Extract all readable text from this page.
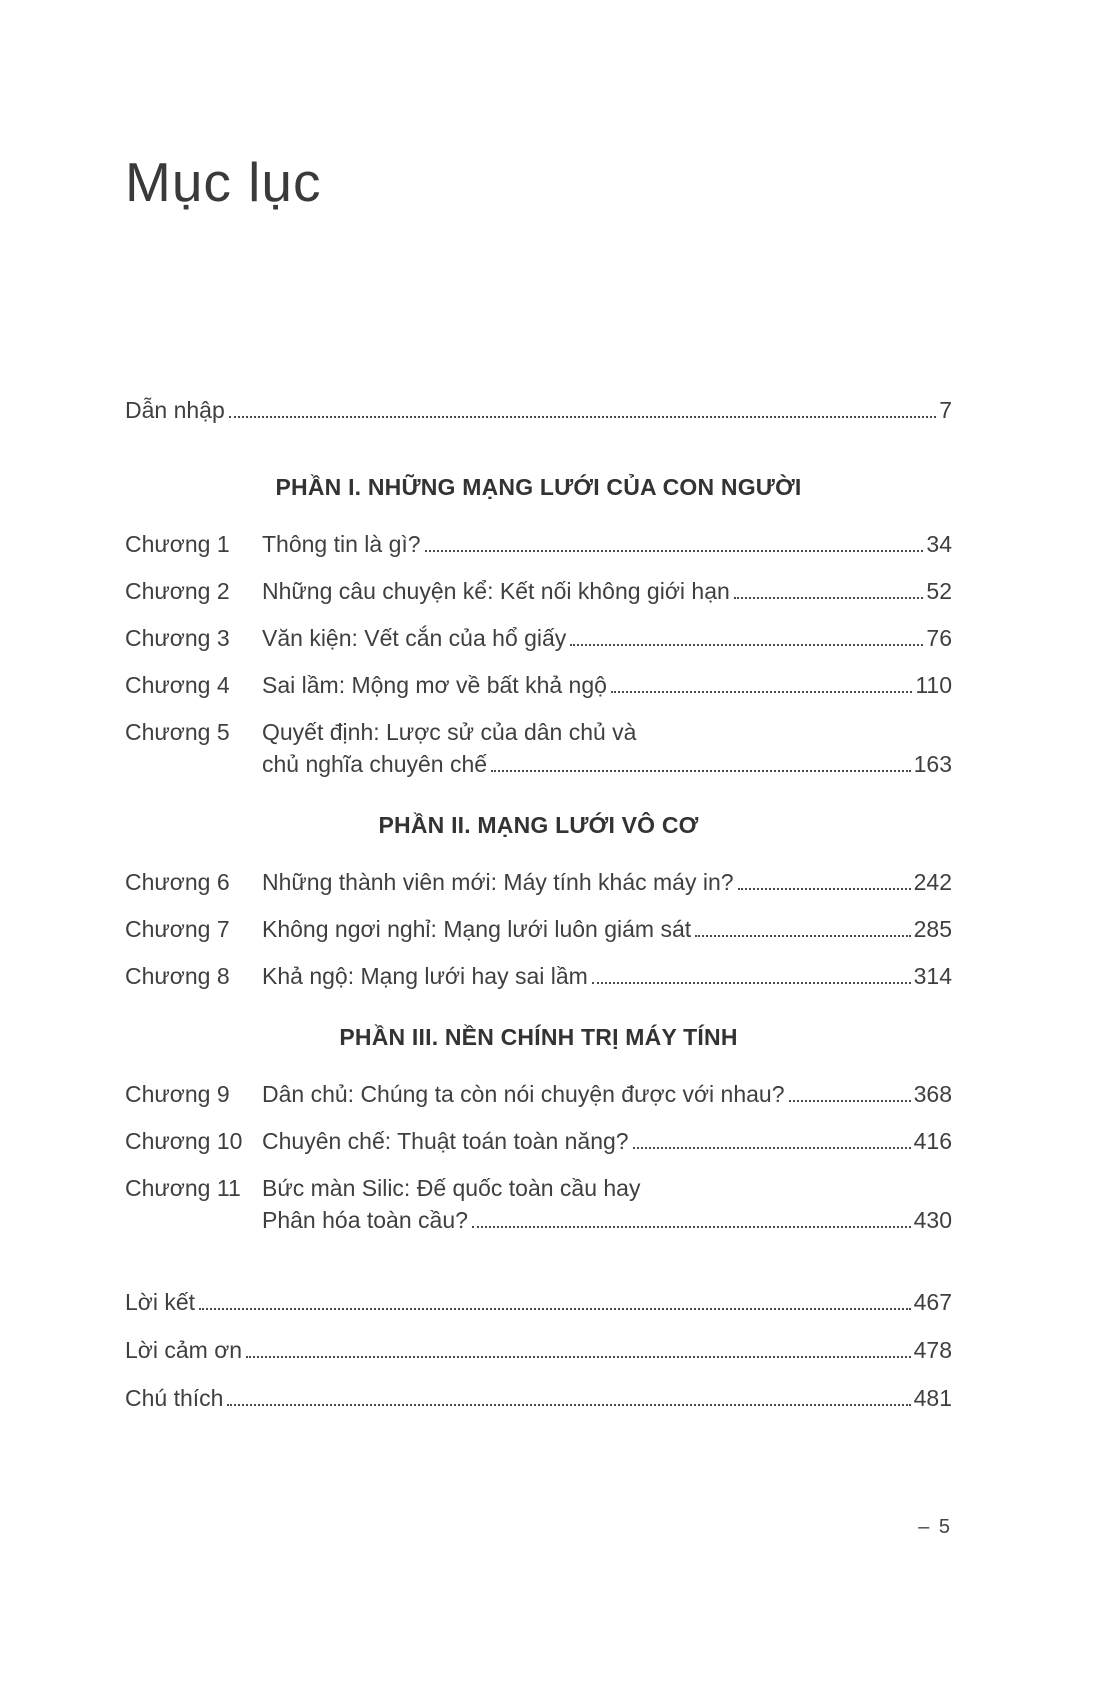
Mục lục
Dẫn nhập	7
PHẦN I. NHỮNG MẠNG LƯỚI CỦA CON NGƯỜI
Chương 1	Thông tin là gì?	34
Chương 2	Những câu chuyện kể: Kết nối không giới hạn	52
Chương 3	Văn kiện: Vết cắn của hổ giấy	76
Chương 4	Sai lầm: Mộng mơ về bất khả ngộ	110
Chương 5	Quyết định: Lược sử của dân chủ và
chủ nghĩa chuyên chế	163
PHẦN II. MẠNG LƯỚI VÔ CƠ
Chương 6	Những thành viên mới: Máy tính khác máy in?	242
Chương 7	Không ngơi nghỉ: Mạng lưới luôn giám sát	285
Chương 8	Khả ngộ: Mạng lưới hay sai lầm	314
PHẦN III. NỀN CHÍNH TRỊ MÁY TÍNH
Chương 9	Dân chủ: Chúng ta còn nói chuyện được với nhau?	368
Chương 10 Chuyên chế: Thuật toán toàn năng?	416
Chương 11 Bức màn Silic: Đế quốc toàn cầu hay
Phân hóa toàn cầu?	430
Lời kết	467
Lời cảm ơn	478
Chú thích	481
– 5
